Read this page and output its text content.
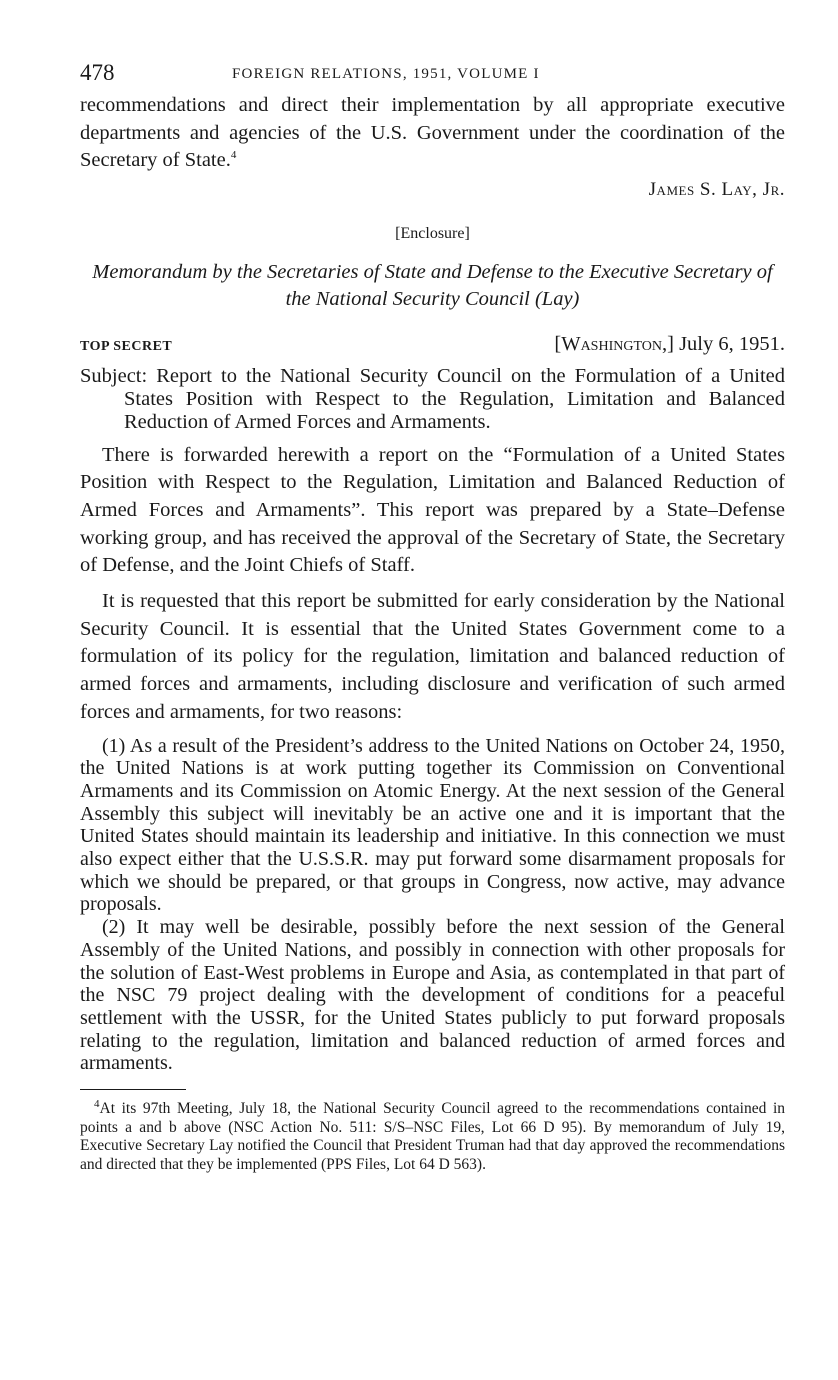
478	FOREIGN RELATIONS, 1951, VOLUME I

recommendations and direct their implementation by all appropriate executive departments and agencies of the U.S. Government under the coordination of the Secretary of State.$^4$

James S. Lay, Jr.
[Enclosure]
Memorandum by the Secretaries of State and Defense to the Executive Secretary of the National Security Council (Lay)
TOP SECRET	[Washington,] July 6, 1951.
Subject: Report to the National Security Council on the Formulation of a United States Position with Respect to the Regulation, Limitation and Balanced Reduction of Armed Forces and Armaments.

There is forwarded herewith a report on the “Formulation of a United States Position with Respect to the Regulation, Limitation and Balanced Reduction of Armed Forces and Armaments”. This report was prepared by a State–Defense working group, and has received the approval of the Secretary of State, the Secretary of Defense, and the Joint Chiefs of Staff.

It is requested that this report be submitted for early consideration by the National Security Council. It is essential that the United States Government come to a formulation of its policy for the regulation, limitation and balanced reduction of armed forces and armaments, including disclosure and verification of such armed forces and armaments, for two reasons:

(1) As a result of the President’s address to the United Nations on October 24, 1950, the United Nations is at work putting together its Commission on Conventional Armaments and its Commission on Atomic Energy. At the next session of the General Assembly this subject will inevitably be an active one and it is important that the United States should maintain its leadership and initiative. In this connection we must also expect either that the U.S.S.R. may put forward some disarmament proposals for which we should be prepared, or that groups in Congress, now active, may advance proposals.

(2) It may well be desirable, possibly before the next session of the General Assembly of the United Nations, and possibly in connection with other proposals for the solution of East-West problems in Europe and Asia, as contemplated in that part of the NSC 79 project dealing with the development of conditions for a peaceful settlement with the USSR, for the United States publicly to put forward proposals relating to the regulation, limitation and balanced reduction of armed forces and armaments.

$^4$At its 97th Meeting, July 18, the National Security Council agreed to the recommendations contained in points a and b above (NSC Action No. 511: S/S–NSC Files, Lot 66 D 95). By memorandum of July 19, Executive Secretary Lay notified the Council that President Truman had that day approved the recommendations and directed that they be implemented (PPS Files, Lot 64 D 563).
